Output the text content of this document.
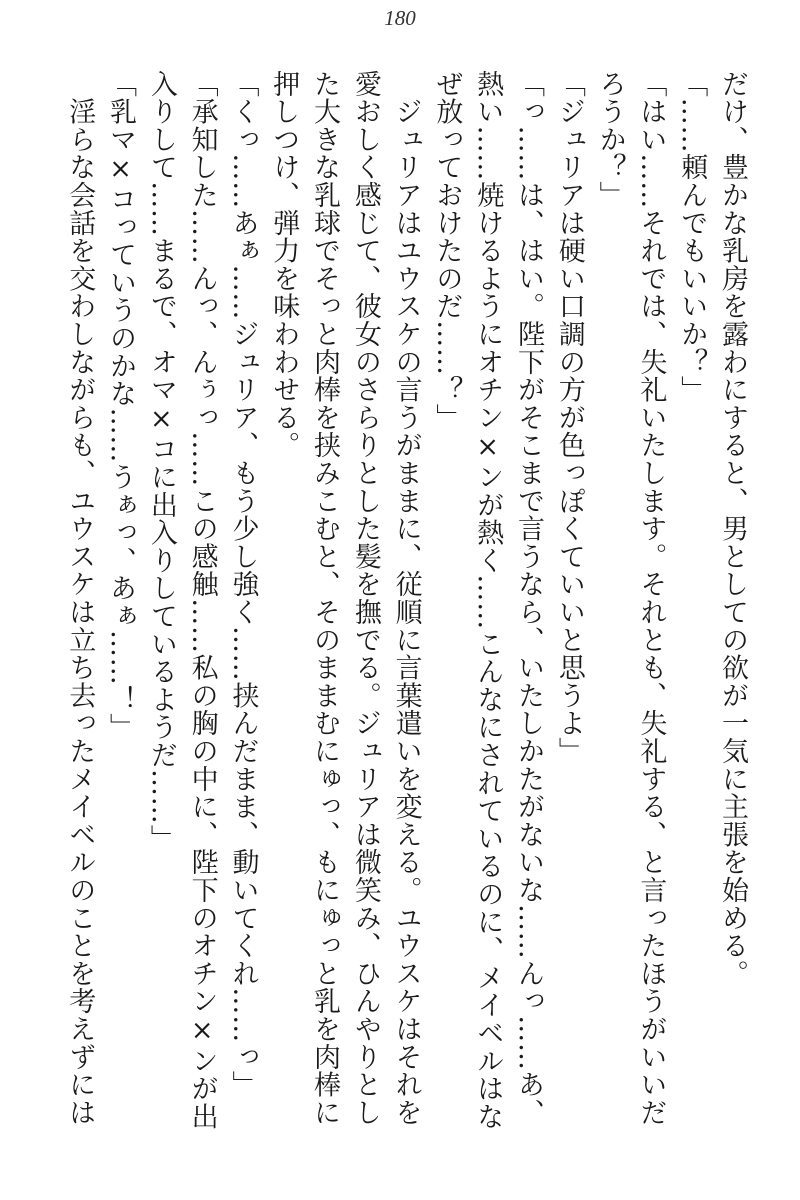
180
だけ、豊かな乳房を露わにすると、男としての欲が一気に主張を始める。
「……頼んでもいいか？」
「はい……それでは、失礼いたします。それとも、失礼する、と言ったほうがいいだ
ろうか？」
「ジュリアは硬い口調の方が色っぽくていいと思うよ」
「っ……は、はい。陛下がそこまで言うなら、いたしかたがないな……んっ……あ、
熱い……焼けるようにオチン×ンが熱く……こんなにされているのに、メイベルはな
ぜ放っておけたのだ……？」
　ジュリアはユウスケの言うがままに、従順に言葉遣いを変える。ユウスケはそれを
愛おしく感じて、彼女のさらりとした髪を撫でる。ジュリアは微笑み、ひんやりとし
た大きな乳球でそっと肉棒を挟みこむと、そのままむにゅっ、もにゅっと乳を肉棒に
押しつけ、弾力を味わわせる。
「くっ……あぁ……ジュリア、もう少し強く……挟んだまま、動いてくれ……っ」
「承知した……んっ、んぅっ……この感触……私の胸の中に、陛下のオチン×ンが出
入りして……まるで、オマ×コに出入りしているようだ……」
「乳マ×コっていうのかな……うぁっ、あぁ……！」
　淫らな会話を交わしながらも、ユウスケは立ち去ったメイベルのことを考えずには
